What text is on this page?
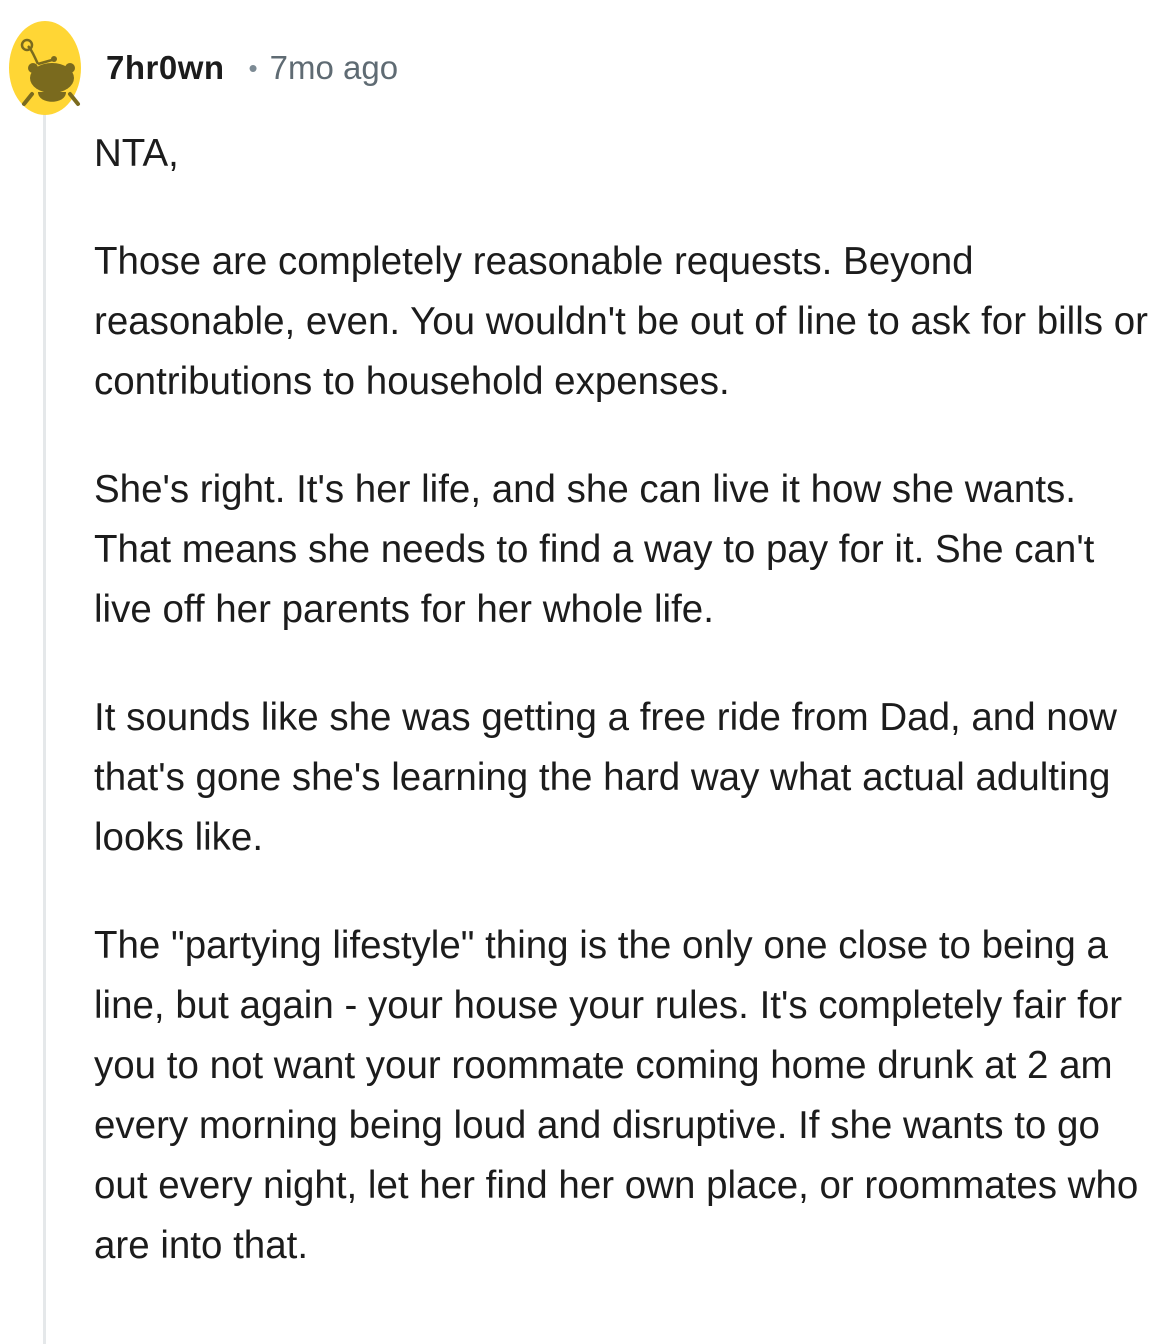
7hr0wn • 7mo ago

NTA,

Those are completely reasonable requests. Beyond reasonable, even. You wouldn't be out of line to ask for bills or contributions to household expenses.

She's right. It's her life, and she can live it how she wants. That means she needs to find a way to pay for it. She can't live off her parents for her whole life.

It sounds like she was getting a free ride from Dad, and now that's gone she's learning the hard way what actual adulting looks like.

The "partying lifestyle" thing is the only one close to being a line, but again - your house your rules. It's completely fair for you to not want your roommate coming home drunk at 2 am every morning being loud and disruptive. If she wants to go out every night, let her find her own place, or roommates who are into that.
